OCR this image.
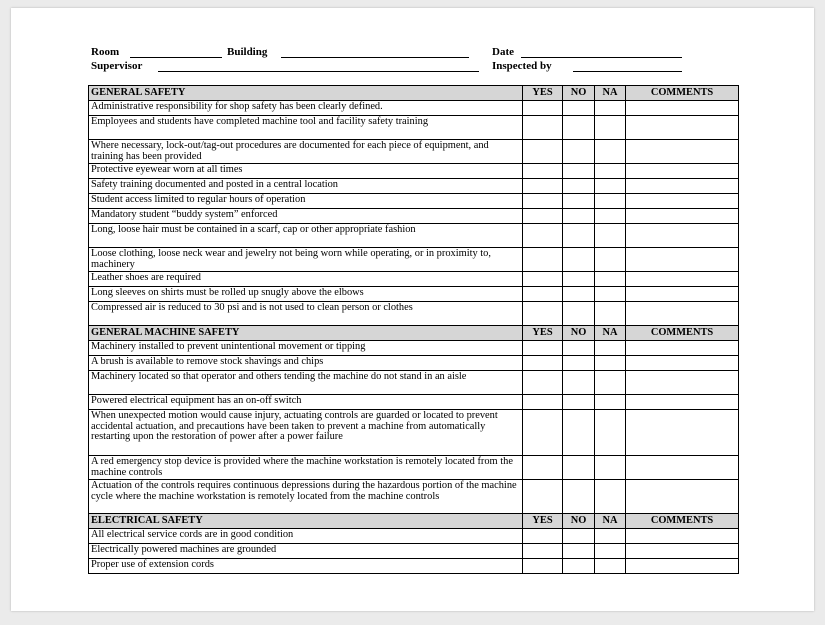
Room	Building	Date
Supervisor	Inspected by
GENERAL SAFETY	YES	NO	NA	COMMENTS
Administrative responsibility for shop safety has been clearly defined.				
Employees and students have completed machine tool and facility safety training				
Where necessary, lock-out/tag-out procedures are documented for each piece of equipment, and training has been provided				
Protective eyewear worn at all times				
Safety training documented and posted in a central location				
Student access limited to regular hours of operation				
Mandatory student “buddy system” enforced				
Long, loose hair must be contained in a scarf, cap or other appropriate fashion				
Loose clothing, loose neck wear and jewelry not being worn while operating, or in proximity to, machinery				
Leather shoes are required				
Long sleeves on shirts must be rolled up snugly above the elbows				
Compressed air is reduced to 30 psi and is not used to clean person or clothes				
GENERAL MACHINE SAFETY	YES	NO	NA	COMMENTS
Machinery installed to prevent unintentional movement or tipping				
A brush is available to remove stock shavings and chips				
Machinery located so that operator and others tending the machine do not stand in an aisle				
Powered electrical equipment has an on-off switch				
When unexpected motion would cause injury, actuating controls are guarded or located to prevent accidental actuation, and precautions have been taken to prevent a machine from automatically restarting upon the restoration of power after a power failure				
A red emergency stop device is provided where the machine workstation is remotely located from the machine controls				
Actuation of the controls requires continuous depressions during the hazardous portion of the machine cycle where the machine workstation is remotely located from the machine controls				
ELECTRICAL SAFETY	YES	NO	NA	COMMENTS
All electrical service cords are in good condition				
Electrically powered machines are grounded				
Proper use of extension cords				
